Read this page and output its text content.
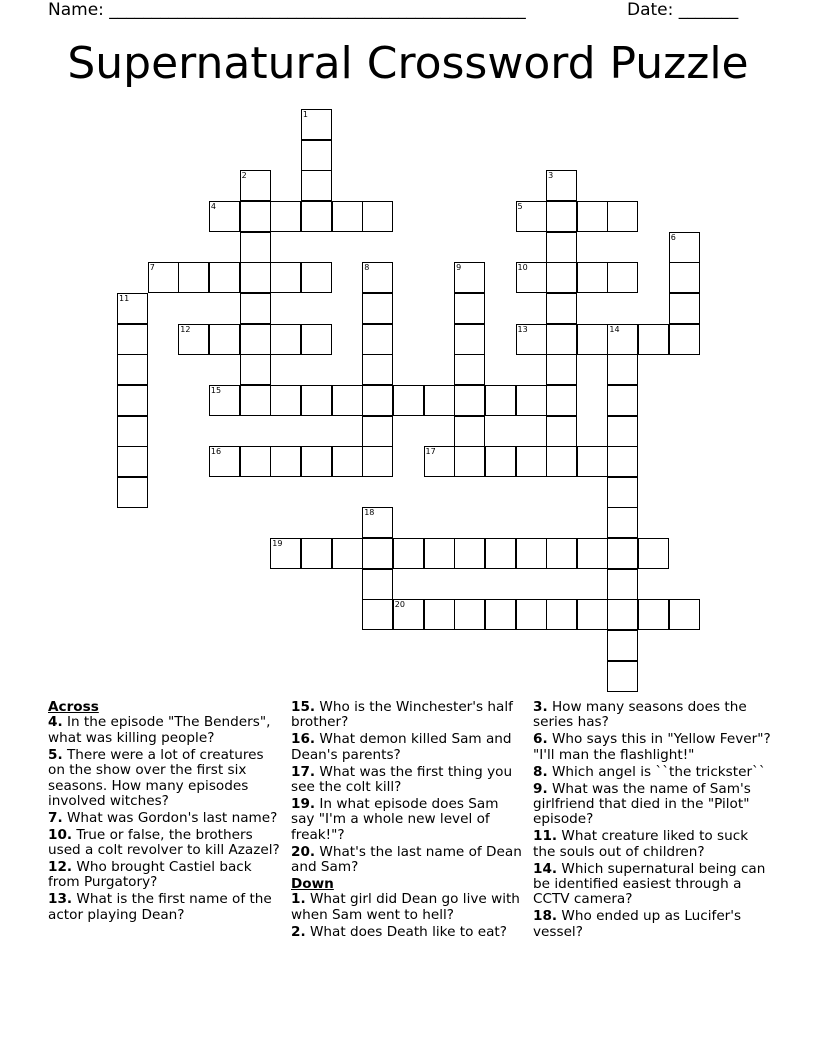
Name: _________________________________________________	Date: _______
Supernatural Crossword Puzzle
1
2	3
4	5
6
7	8	9	10
11
12	13	14
15
16	17
18
19
20
Across
4. In the episode "The Benders", what was killing people?
5. There were a lot of creatures on the show over the first six seasons. How many episodes involved witches?
7. What was Gordon's last name?
10. True or false, the brothers used a colt revolver to kill Azazel?
12. Who brought Castiel back from Purgatory?
13. What is the first name of the actor playing Dean?
15. Who is the Winchester's half brother?
16. What demon killed Sam and Dean's parents?
17. What was the first thing you see the colt kill?
19. In what episode does Sam say "I'm a whole new level of freak!"?
20. What's the last name of Dean and Sam?
Down
1. What girl did Dean go live with when Sam went to hell?
2. What does Death like to eat?
3. How many seasons does the series has?
6. Who says this in "Yellow Fever"? "I'll man the flashlight!"
8. Which angel is ``the trickster``
9. What was the name of Sam's girlfriend that died in the "Pilot" episode?
11. What creature liked to suck the souls out of children?
14. Which supernatural being can be identified easiest through a CCTV camera?
18. Who ended up as Lucifer's vessel?
